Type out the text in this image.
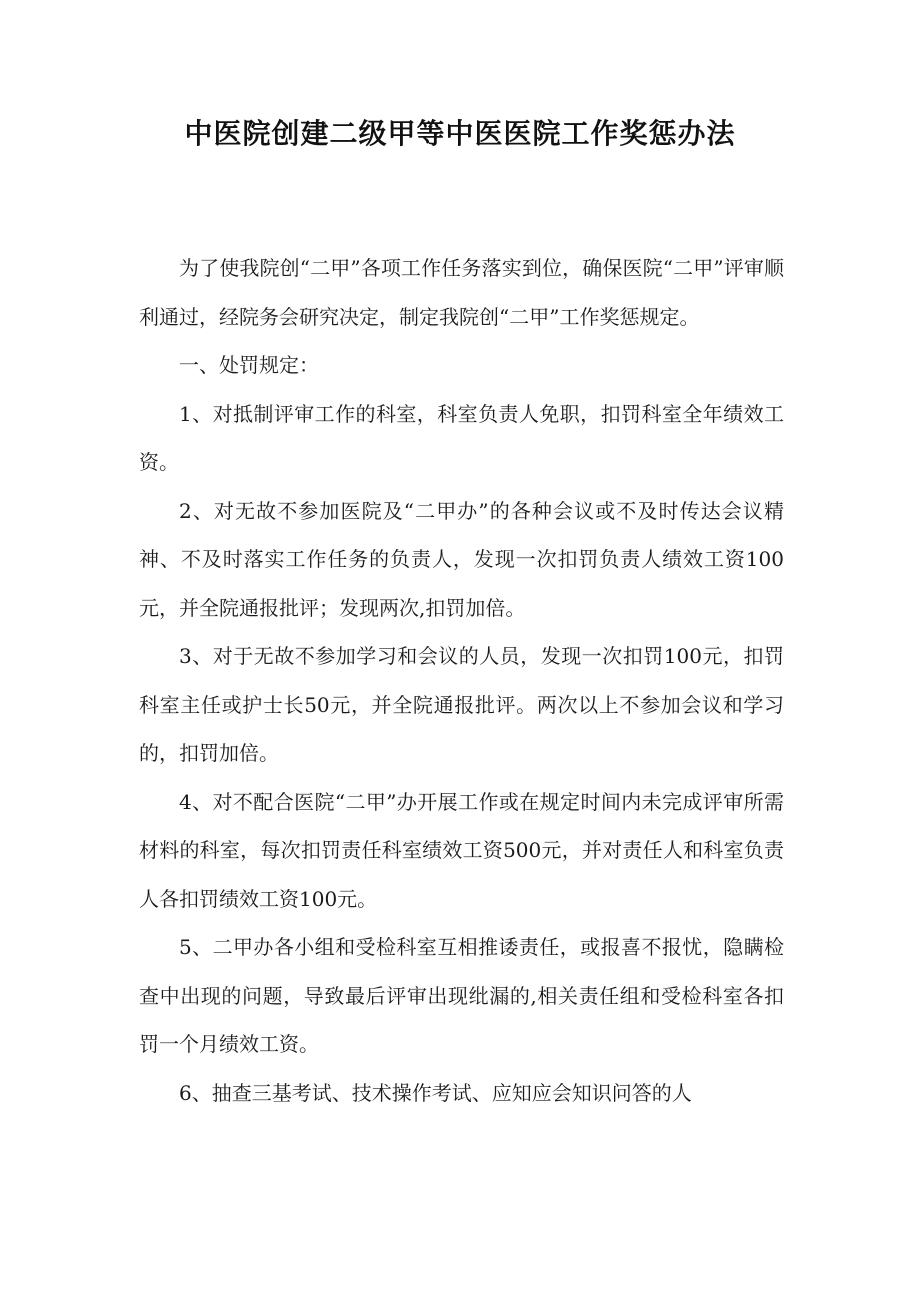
中医院创建二级甲等中医医院工作奖惩办法

为了使我院创“二甲”各项工作任务落实到位，确保医院“二甲”评审顺利通过，经院务会研究决定，制定我院创“二甲”工作奖惩规定。

一、处罚规定：

1、对抵制评审工作的科室，科室负责人免职，扣罚科室全年绩效工资。

2、对无故不参加医院及“二甲办”的各种会议或不及时传达会议精神、不及时落实工作任务的负责人，发现一次扣罚负责人绩效工资100元，并全院通报批评；发现两次,扣罚加倍。

3、对于无故不参加学习和会议的人员，发现一次扣罚100元，扣罚科室主任或护士长50元，并全院通报批评。两次以上不参加会议和学习的，扣罚加倍。

4、对不配合医院“二甲”办开展工作或在规定时间内未完成评审所需材料的科室，每次扣罚责任科室绩效工资500元，并对责任人和科室负责人各扣罚绩效工资100元。

5、二甲办各小组和受检科室互相推诿责任，或报喜不报忧，隐瞒检查中出现的问题，导致最后评审出现纰漏的,相关责任组和受检科室各扣罚一个月绩效工资。

6、抽查三基考试、技术操作考试、应知应会知识问答的人
